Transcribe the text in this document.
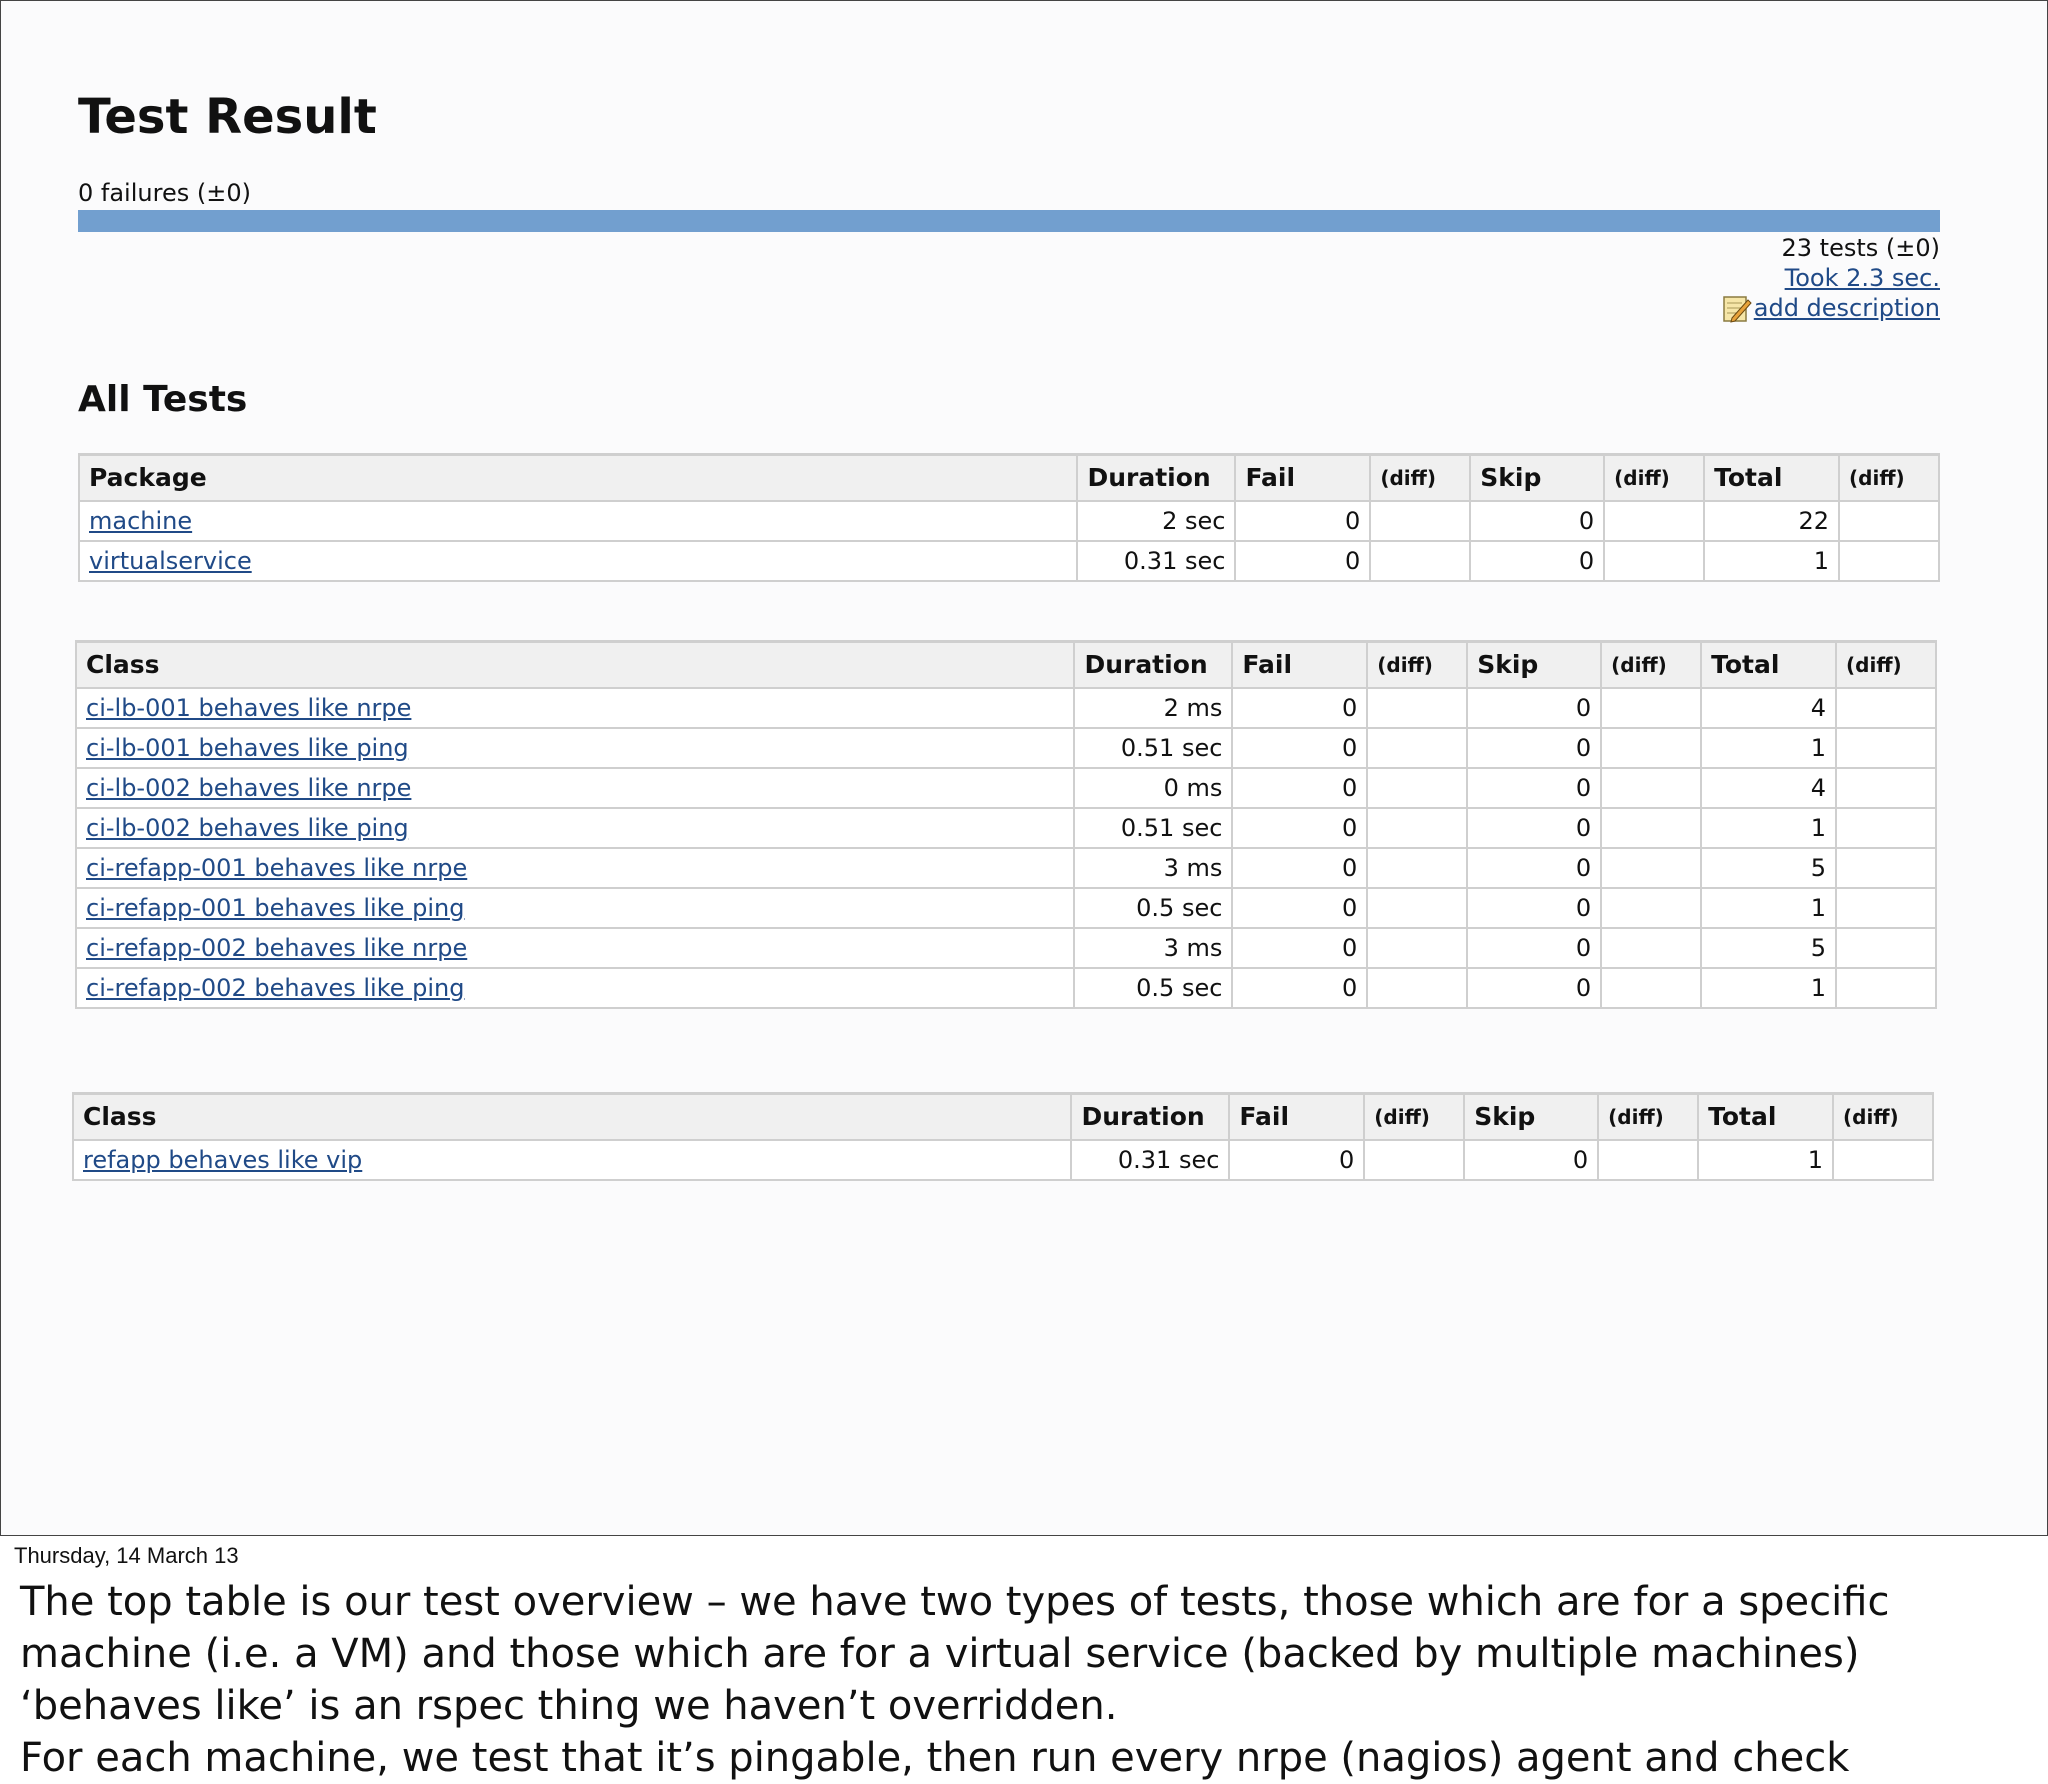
Test Result
0 failures (±0)
23 tests (±0)
Took 2.3 sec.
add description
All Tests
Package	Duration	Fail	(diff)	Skip	(diff)	Total	(diff)
machine	2 sec	0		0		22	
virtualservice	0.31 sec	0		0		1	
Class	Duration	Fail	(diff)	Skip	(diff)	Total	(diff)
ci-lb-001 behaves like nrpe	2 ms	0		0		4	
ci-lb-001 behaves like ping	0.51 sec	0		0		1	
ci-lb-002 behaves like nrpe	0 ms	0		0		4	
ci-lb-002 behaves like ping	0.51 sec	0		0		1	
ci-refapp-001 behaves like nrpe	3 ms	0		0		5	
ci-refapp-001 behaves like ping	0.5 sec	0		0		1	
ci-refapp-002 behaves like nrpe	3 ms	0		0		5	
ci-refapp-002 behaves like ping	0.5 sec	0		0		1	
Class	Duration	Fail	(diff)	Skip	(diff)	Total	(diff)
refapp behaves like vip	0.31 sec	0		0		1	
Thursday, 14 March 13

The top table is our test overview – we have two types of tests, those which are for a specific

machine (i.e. a VM) and those which are for a virtual service (backed by multiple machines)

‘behaves like’ is an rspec thing we haven’t overridden.

For each machine, we test that it’s pingable, then run every nrpe (nagios) agent and check
